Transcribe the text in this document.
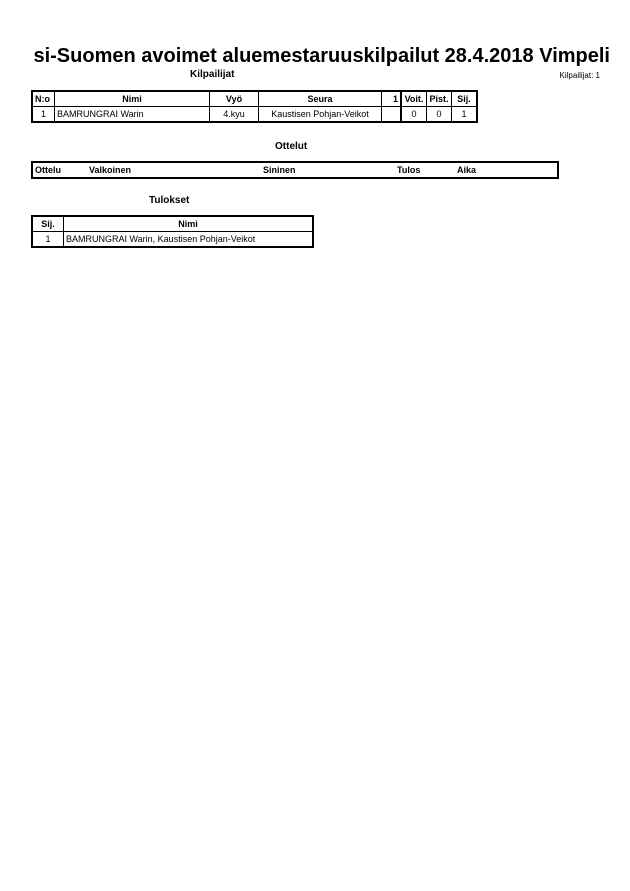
si-Suomen avoimet aluemestaruuskilpailut 28.4.2018 Vimpeli
Kilpailijat: 1
Kilpailijat
N:o	Nimi	Vyö	Seura	1	Voit.	Pist.	Sij.
1	BAMRUNGRAI Warin	4.kyu	Kaustisen Pohjan-Veikot		0	0	1
Ottelut
Ottelu	Valkoinen	Sininen	Tulos	Aika
Tulokset
Sij.	Nimi
1	BAMRUNGRAI Warin, Kaustisen Pohjan-Veikot
